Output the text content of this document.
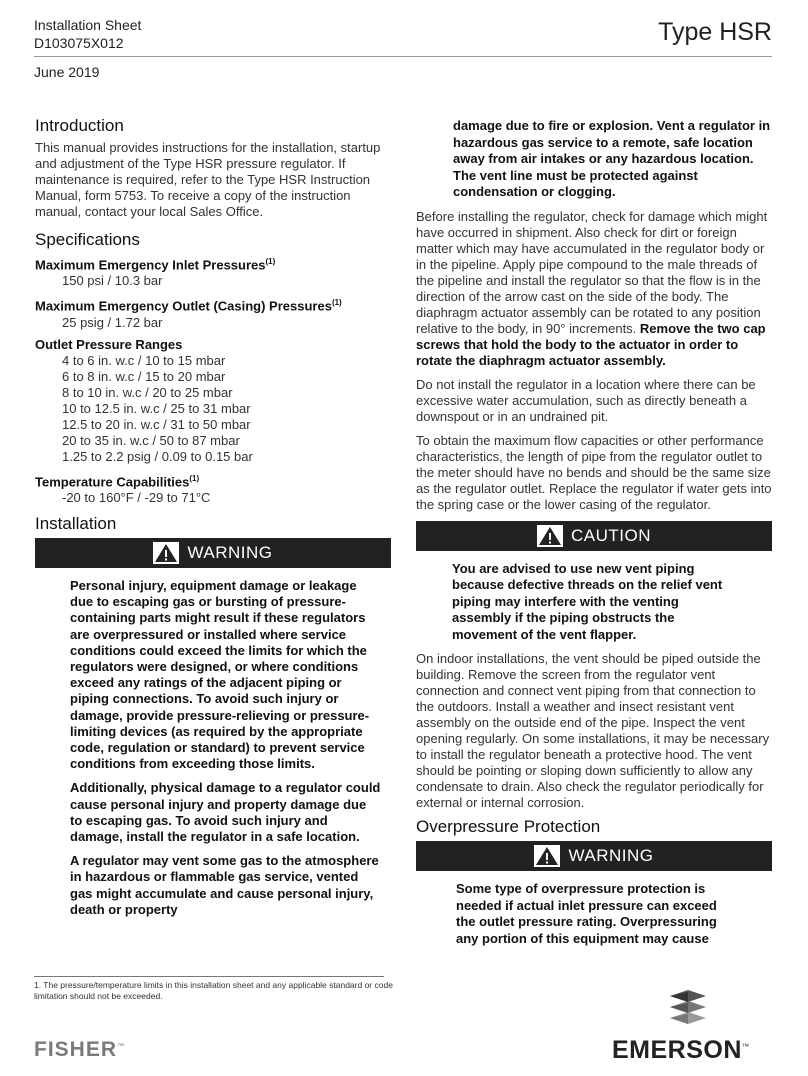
Installation Sheet
D103075X012	Type HSR
June 2019
Introduction

This manual provides instructions for the installation, startup and adjustment of the Type HSR pressure regulator. If maintenance is required, refer to the Type HSR Instruction Manual, form 5753. To receive a copy of the instruction manual, contact your local Sales Office.

Specifications
Maximum Emergency Inlet Pressures$^{(1)}$
150 psi / 10.3 bar
Maximum Emergency Outlet (Casing) Pressures$^{(1)}$
25 psig / 1.72 bar
Outlet Pressure Ranges
4 to 6 in. w.c / 10 to 15 mbar
6 to 8 in. w.c / 15 to 20 mbar
8 to 10 in. w.c / 20 to 25 mbar
10 to 12.5 in. w.c / 25 to 31 mbar
12.5 to 20 in. w.c / 31 to 50 mbar
20 to 35 in. w.c / 50 to 87 mbar
1.25 to 2.2 psig / 0.09 to 0.15 bar
Temperature Capabilities$^{(1)}$
-20 to 160°F / -29 to 71°C
Installation
WARNING

Personal injury, equipment damage or leakage due to escaping gas or bursting of pressure-containing parts might result if these regulators are overpressured or installed where service conditions could exceed the limits for which the regulators were designed, or where conditions exceed any ratings of the adjacent piping or piping connections. To avoid such injury or damage, provide pressure-relieving or pressure-limiting devices (as required by the appropriate code, regulation or standard) to prevent service conditions from exceeding those limits.

Additionally, physical damage to a regulator could cause personal injury and property damage due to escaping gas. To avoid such injury and damage, install the regulator in a safe location.

A regulator may vent some gas to the atmosphere in hazardous or flammable gas service, vented gas might accumulate and cause personal injury, death or property

damage due to fire or explosion. Vent a regulator in hazardous gas service to a remote, safe location away from air intakes or any hazardous location. The vent line must be protected against condensation or clogging.

Before installing the regulator, check for damage which might have occurred in shipment. Also check for dirt or foreign matter which may have accumulated in the regulator body or in the pipeline. Apply pipe compound to the male threads of the pipeline and install the regulator so that the flow is in the direction of the arrow cast on the side of the body. The diaphragm actuator assembly can be rotated to any position relative to the body, in 90° increments. Remove the two cap screws that hold the body to the actuator in order to rotate the diaphragm actuator assembly.

Do not install the regulator in a location where there can be excessive water accumulation, such as directly beneath a downspout or in an undrained pit.

To obtain the maximum flow capacities or other performance characteristics, the length of pipe from the regulator outlet to the meter should have no bends and should be the same size as the regulator outlet. Replace the regulator if water gets into the spring case or the lower casing of the regulator.

CAUTION
You are advised to use new vent piping because defective threads on the relief vent piping may interfere with the venting assembly if the piping obstructs the movement of the vent flapper.

On indoor installations, the vent should be piped outside the building. Remove the screen from the regulator vent connection and connect vent piping from that connection to the outdoors. Install a weather and insect resistant vent assembly on the outside end of the pipe. Inspect the vent opening regularly. On some installations, it may be necessary to install the regulator beneath a protective hood. The vent should be pointing or sloping down sufficiently to allow any condensate to drain. Also check the regulator periodically for external or internal corrosion.

Overpressure Protection
WARNING
Some type of overpressure protection is needed if actual inlet pressure can exceed the outlet pressure rating. Overpressuring any portion of this equipment may cause
1. The pressure/temperature limits in this installation sheet and any applicable standard or code limitation should not be exceeded.
FISHER™	EMERSON™
